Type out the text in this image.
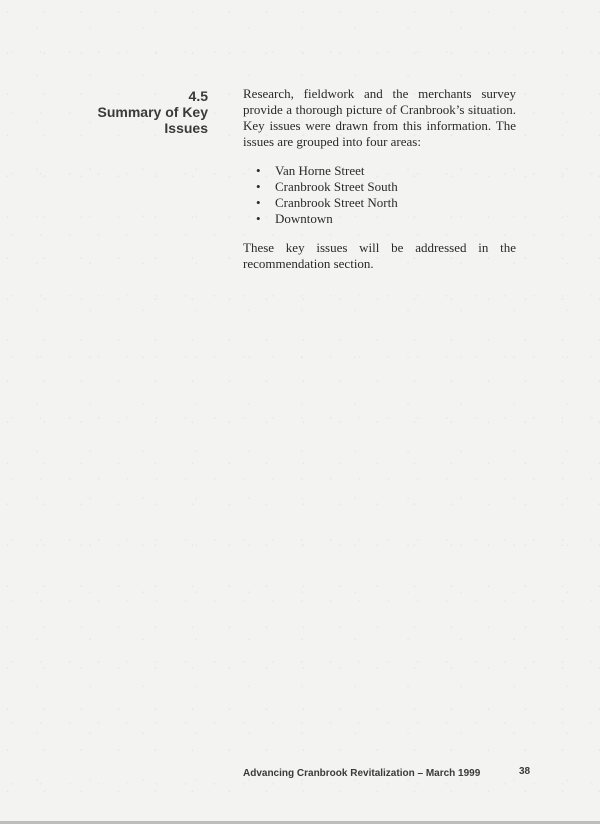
4.5
Summary of Key
Issues

Research, fieldwork and the merchants survey provide a thorough picture of Cranbrook’s situation. Key issues were drawn from this information. The issues are grouped into four areas:

• Van Horne Street
• Cranbrook Street South
• Cranbrook Street North
• Downtown

These key issues will be addressed in the recommendation section.

Advancing Cranbrook Revitalization – March 1999	38
